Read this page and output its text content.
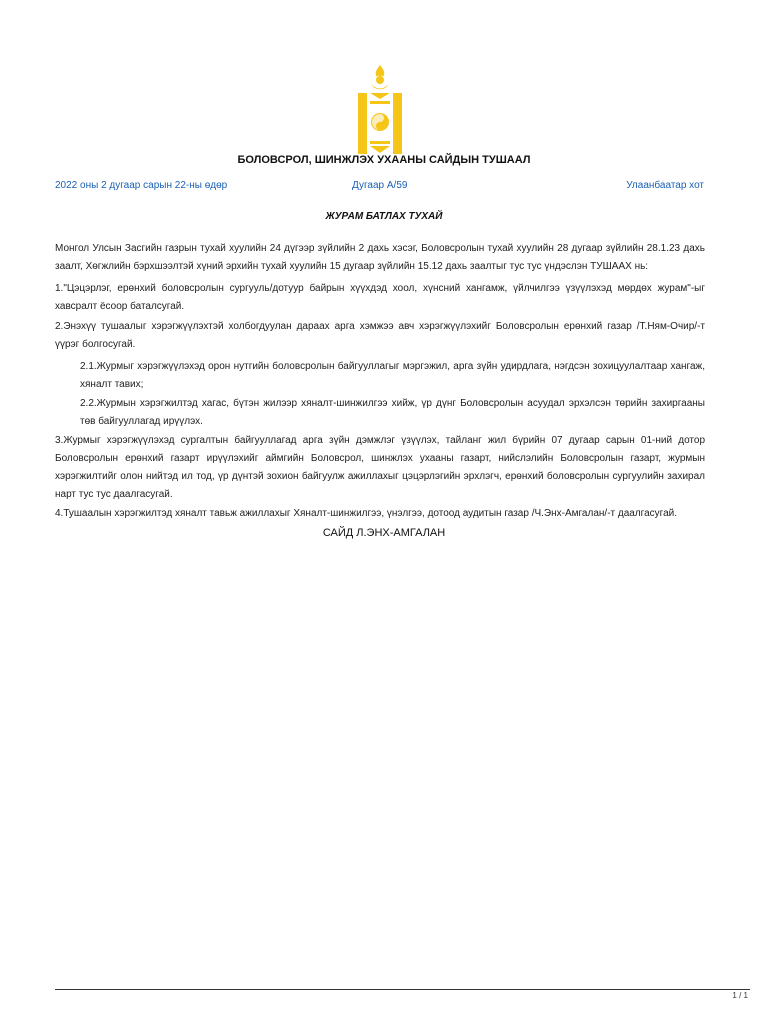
БОЛОВСРОЛ, ШИНЖЛЭХ УХААНЫ САЙДЫН ТУШААЛ
2022 оны 2 дугаар сарын 22-ны өдөр	Дугаар А/59	Улаанбаатар хот
ЖУРАМ БАТЛАХ ТУХАЙ

Монгол Улсын Засгийн газрын тухай хуулийн 24 дүгээр зүйлийн 2 дахь хэсэг, Боловсролын тухай хуулийн 28 дугаар зүйлийн 28.1.23 дахь заалт, Хөгжлийн бэрхшээлтэй хүний эрхийн тухай хуулийн 15 дугаар зүйлийн 15.12 дахь заалтыг тус тус үндэслэн ТУШААХ нь:

1."Цэцэрлэг, ерөнхий боловсролын сургууль/дотуур байрын хүүхдэд хоол, хүнсний хангамж, үйлчилгээ үзүүлэхэд мөрдөх журам"-ыг хавсралт ёсоор баталсугай.

2.Энэхүү тушаалыг хэрэгжүүлэхтэй холбогдуулан дараах арга хэмжээ авч хэрэгжүүлэхийг Боловсролын ерөнхий газар /Т.Ням-Очир/-т үүрэг болгосугай.

2.1.Журмыг хэрэгжүүлэхэд орон нутгийн боловсролын байгууллагыг мэргэжил, арга зүйн удирдлага, нэгдсэн зохицуулалтаар хангаж, хяналт тавих;

2.2.Журмын хэрэгжилтэд хагас, бүтэн жилээр хяналт-шинжилгээ хийж, үр дүнг Боловсролын асуудал эрхэлсэн төрийн захиргааны төв байгууллагад ирүүлэх.

3.Журмыг хэрэгжүүлэхэд сургалтын байгууллагад арга зүйн дэмжлэг үзүүлэх, тайланг жил бүрийн 07 дугаар сарын 01-ний дотор Боловсролын ерөнхий газарт ирүүлэхийг аймгийн Боловсрол, шинжлэх ухааны газарт, нийслэлийн Боловсролын газарт, журмын хэрэгжилтийг олон нийтэд ил тод, үр дүнтэй зохион байгуулж ажиллахыг цэцэрлэгийн эрхлэгч, ерөнхий боловсролын сургуулийн захирал нарт тус тус даалгасугай.

4.Тушаалын хэрэгжилтэд хяналт тавьж ажиллахыг Хяналт-шинжилгээ, үнэлгээ, дотоод аудитын газар /Ч.Энх-Амгалан/-т даалгасугай.

САЙД Л.ЭНХ-АМГАЛАН
1 / 1
